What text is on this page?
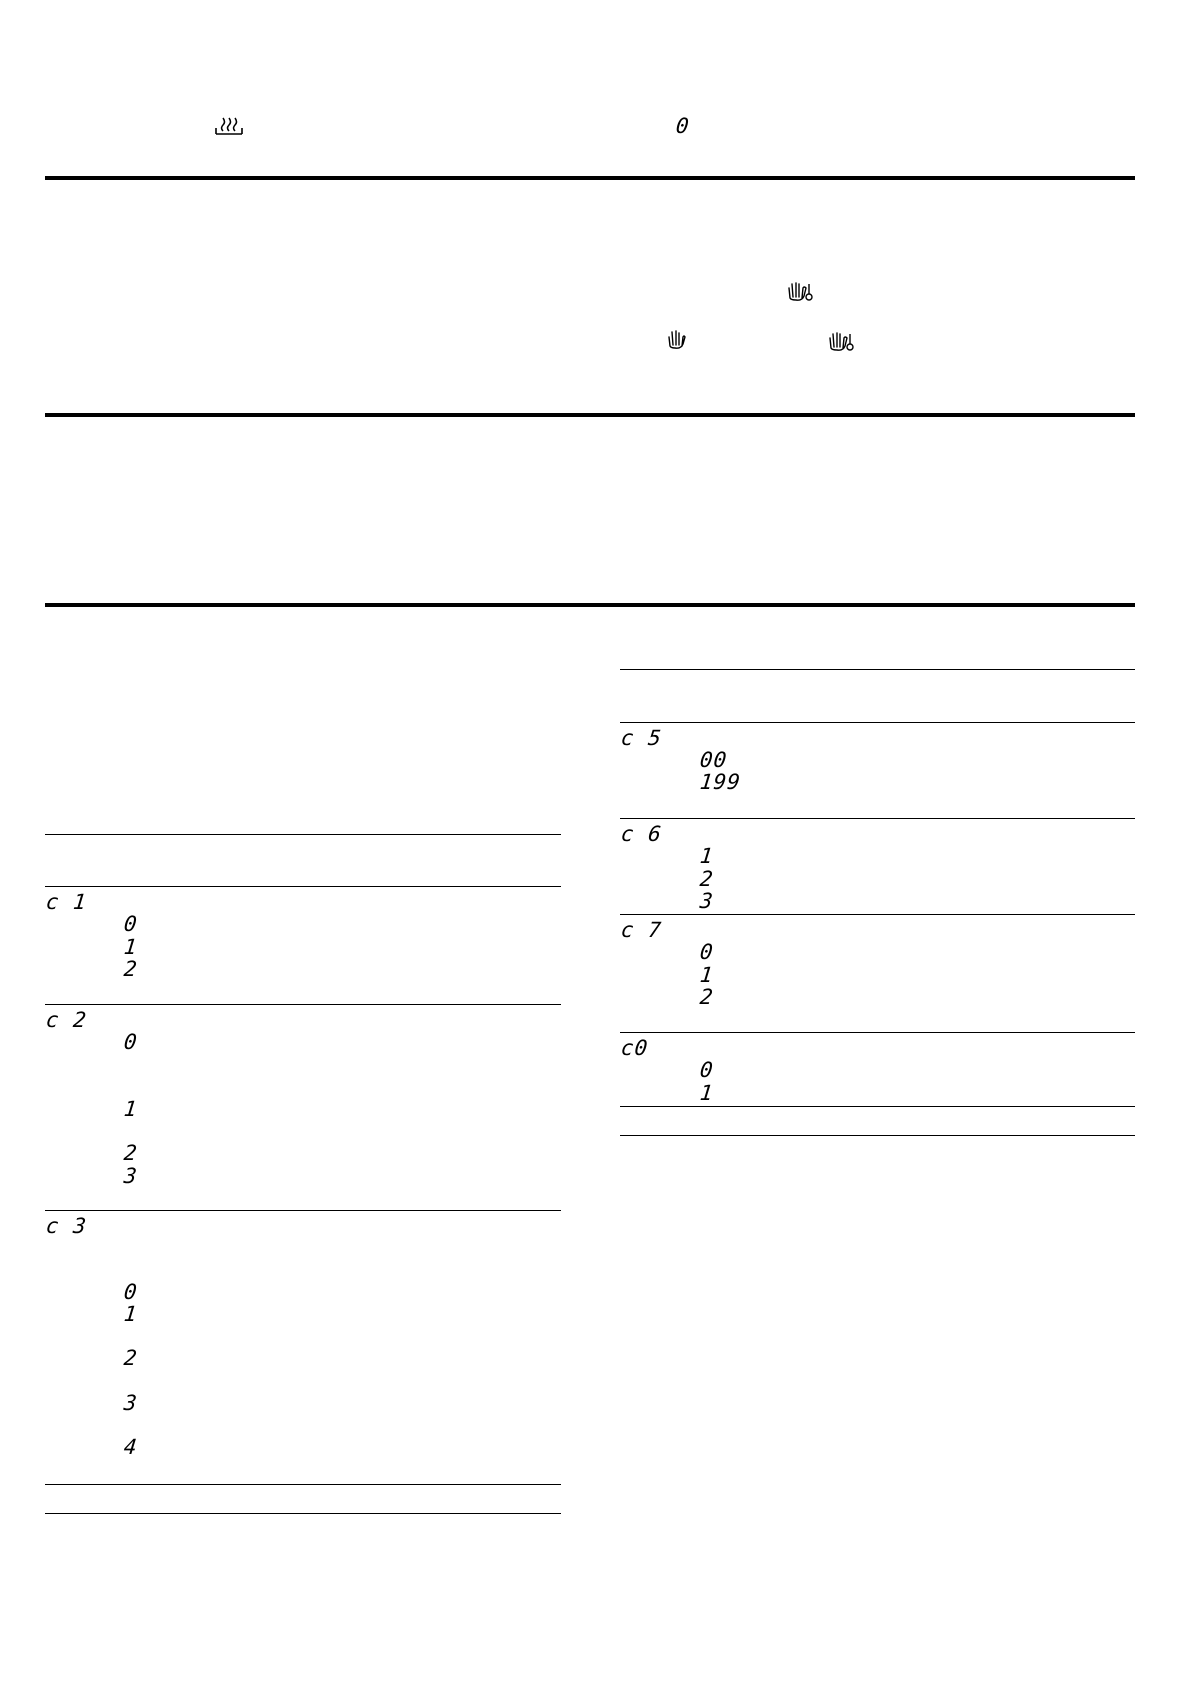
0
c 1
0
1
2
c 2
0
1
2
3
c 3
0
1
2
3
4
c 5
00
199
c 6
1
2
3
c 7
0
1
2
c0
0
1
